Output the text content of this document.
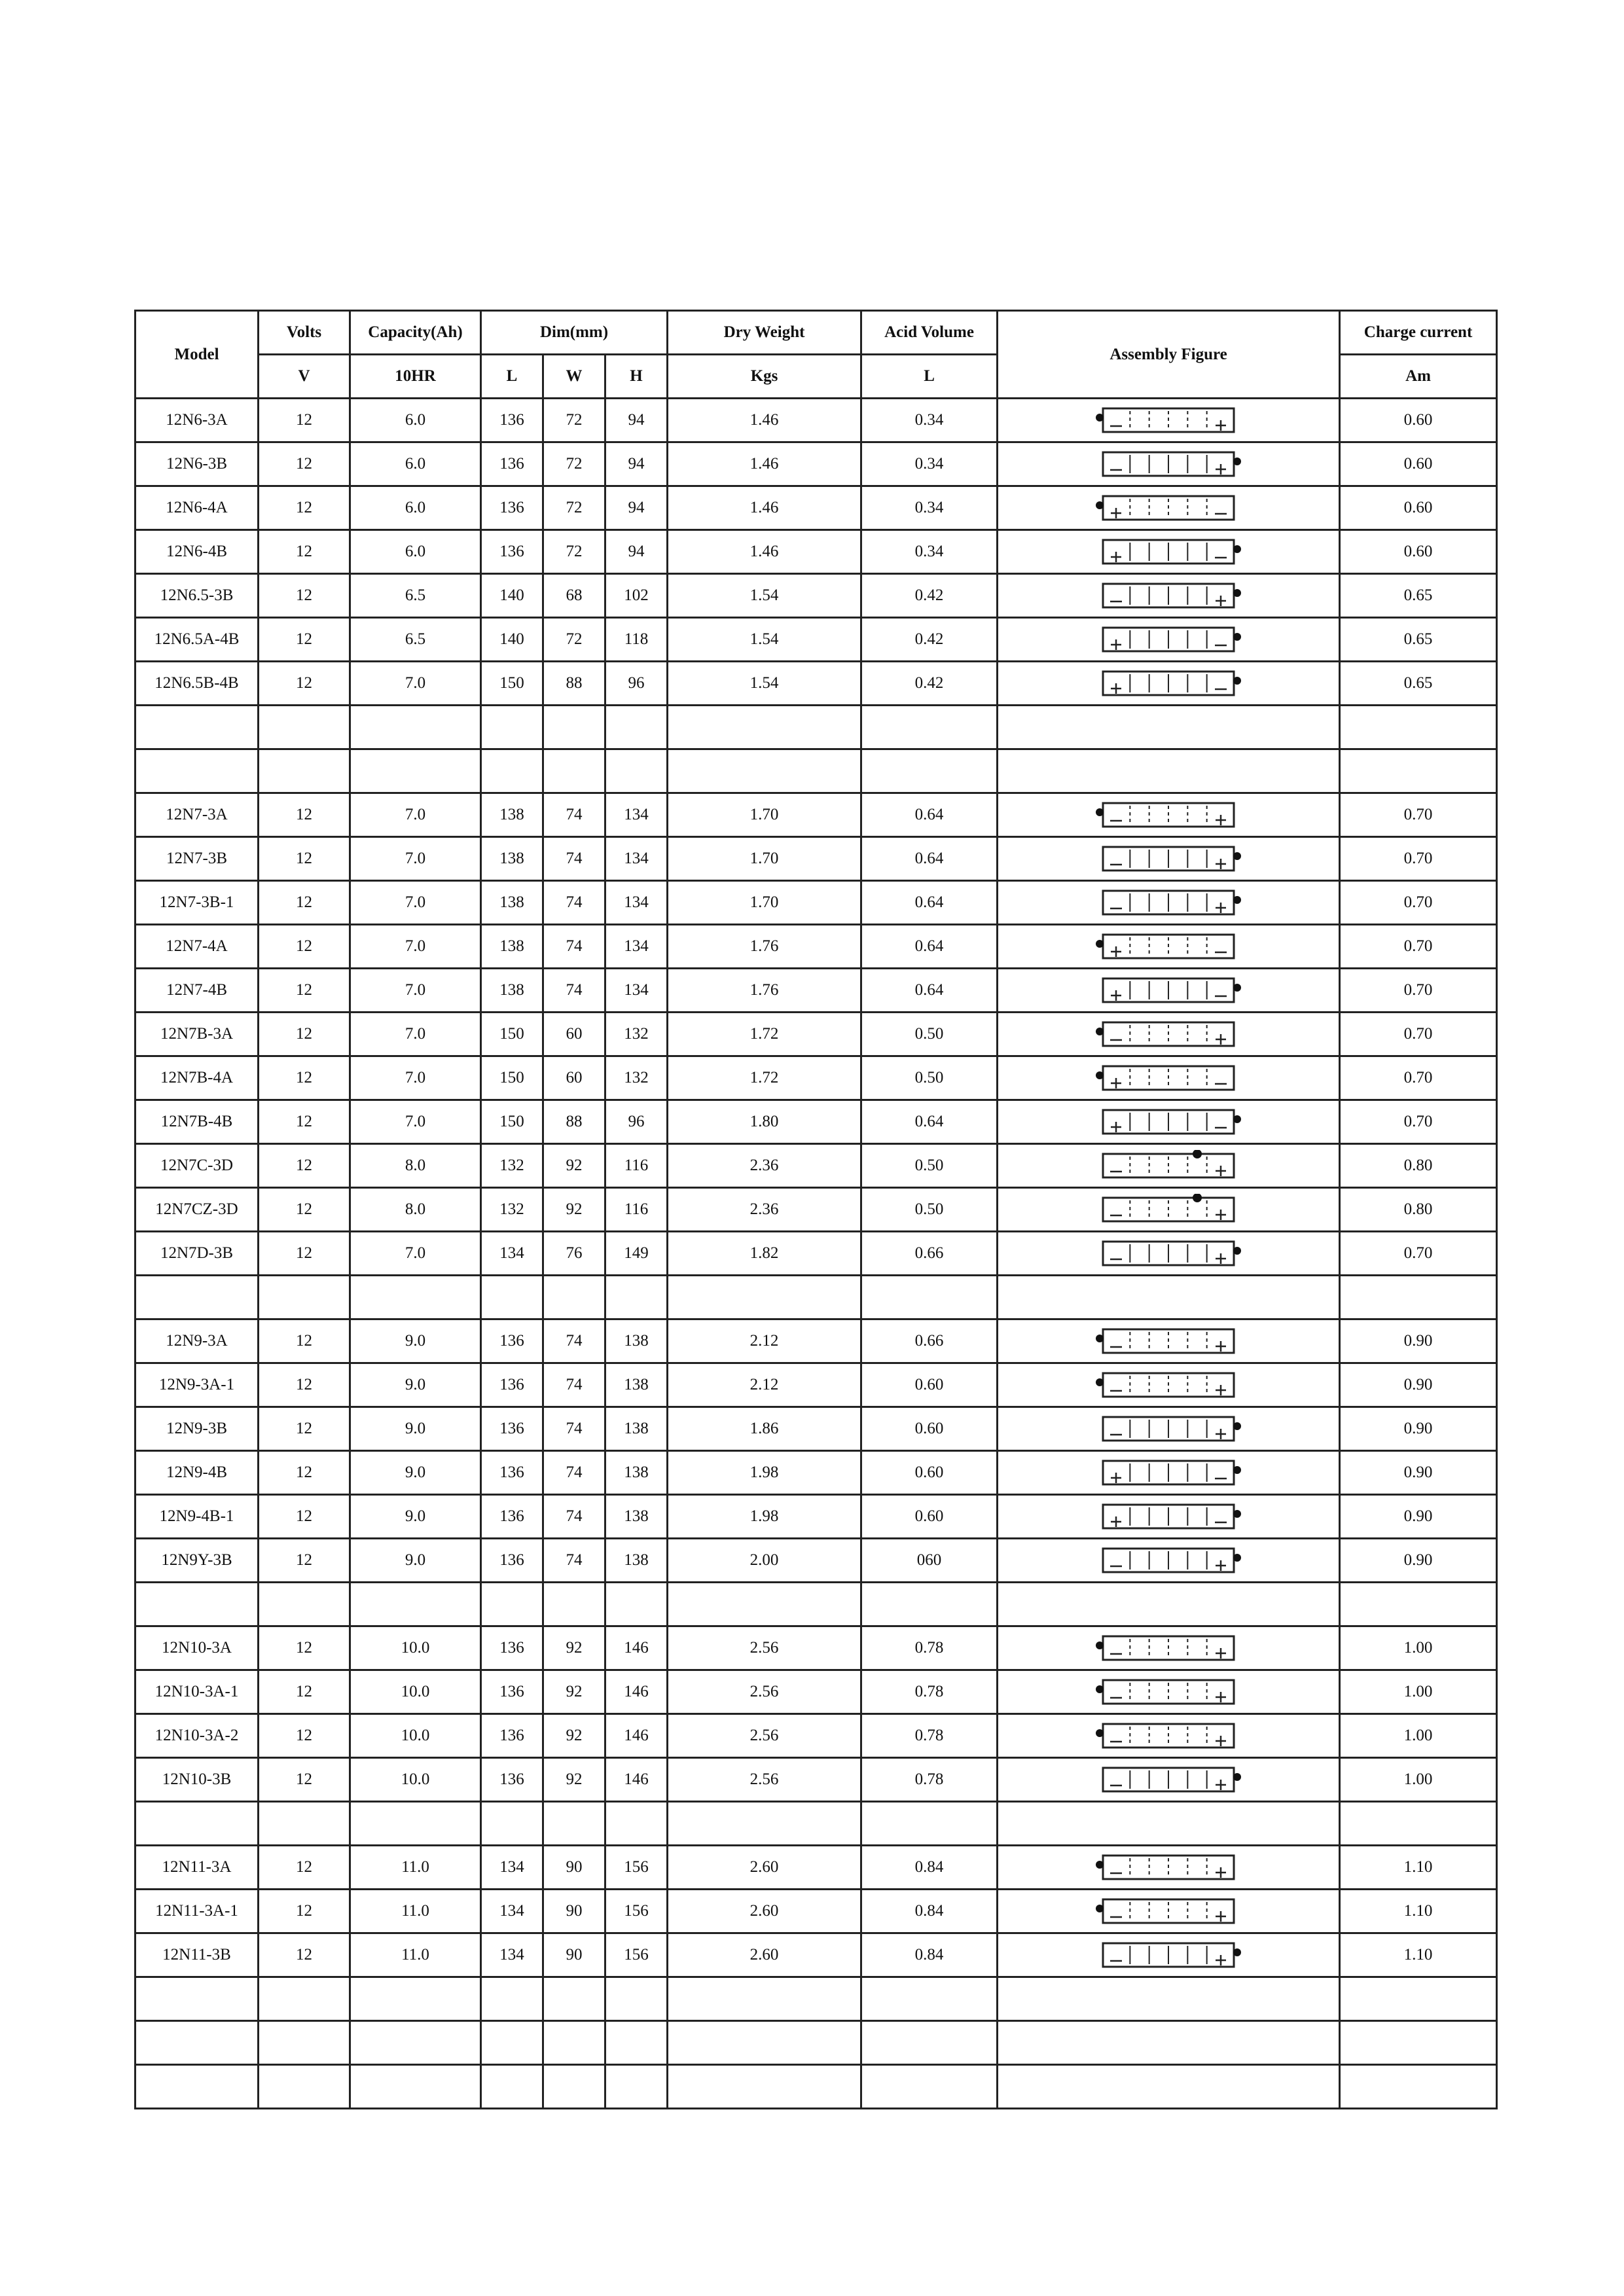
Model	Volts	Capacity(Ah)	Dim(mm)			Dry Weight	Acid Volume	Assembly Figure	Charge current
	V	10HR	L	W	H	Kgs	L		Am
12N6-3A	12	6.0	136	72	94	1.46	0.34		0.60
12N6-3B	12	6.0	136	72	94	1.46	0.34		0.60
12N6-4A	12	6.0	136	72	94	1.46	0.34		0.60
12N6-4B	12	6.0	136	72	94	1.46	0.34		0.60
12N6.5-3B	12	6.5	140	68	102	1.54	0.42		0.65
12N6.5A-4B	12	6.5	140	72	118	1.54	0.42		0.65
12N6.5B-4B	12	7.0	150	88	96	1.54	0.42		0.65

12N7-3A	12	7.0	138	74	134	1.70	0.64		0.70
12N7-3B	12	7.0	138	74	134	1.70	0.64		0.70
12N7-3B-1	12	7.0	138	74	134	1.70	0.64		0.70
12N7-4A	12	7.0	138	74	134	1.76	0.64		0.70
12N7-4B	12	7.0	138	74	134	1.76	0.64		0.70
12N7B-3A	12	7.0	150	60	132	1.72	0.50		0.70
12N7B-4A	12	7.0	150	60	132	1.72	0.50		0.70
12N7B-4B	12	7.0	150	88	96	1.80	0.64		0.70
12N7C-3D	12	8.0	132	92	116	2.36	0.50		0.80
12N7CZ-3D	12	8.0	132	92	116	2.36	0.50		0.80
12N7D-3B	12	7.0	134	76	149	1.82	0.66		0.70

12N9-3A	12	9.0	136	74	138	2.12	0.66		0.90
12N9-3A-1	12	9.0	136	74	138	2.12	0.60		0.90
12N9-3B	12	9.0	136	74	138	1.86	0.60		0.90
12N9-4B	12	9.0	136	74	138	1.98	0.60		0.90
12N9-4B-1	12	9.0	136	74	138	1.98	0.60		0.90
12N9Y-3B	12	9.0	136	74	138	2.00	060		0.90

12N10-3A	12	10.0	136	92	146	2.56	0.78		1.00
12N10-3A-1	12	10.0	136	92	146	2.56	0.78		1.00
12N10-3A-2	12	10.0	136	92	146	2.56	0.78		1.00
12N10-3B	12	10.0	136	92	146	2.56	0.78		1.00

12N11-3A	12	11.0	134	90	156	2.60	0.84		1.10
12N11-3A-1	12	11.0	134	90	156	2.60	0.84		1.10
12N11-3B	12	11.0	134	90	156	2.60	0.84		1.10
